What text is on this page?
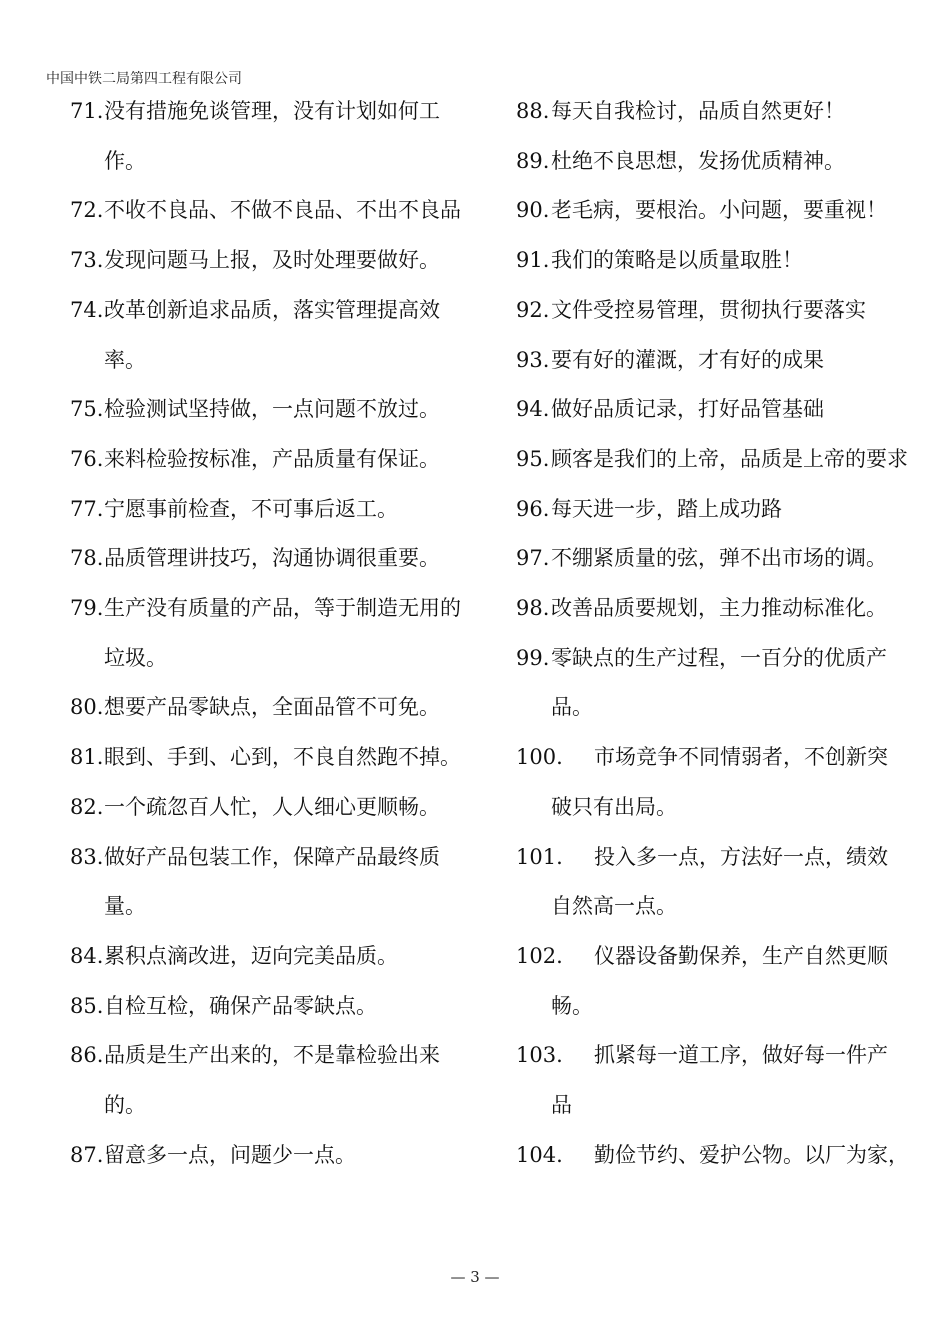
中国中铁二局第四工程有限公司
71. 没有措施免谈管理，没有计划如何工作。
72. 不收不良品、不做不良品、不出不良品
73. 发现问题马上报，及时处理要做好。
74. 改革创新追求品质，落实管理提高效率。
75. 检验测试坚持做，一点问题不放过。
76. 来料检验按标准，产品质量有保证。
77. 宁愿事前检查，不可事后返工。
78. 品质管理讲技巧，沟通协调很重要。
79. 生产没有质量的产品，等于制造无用的垃圾。
80. 想要产品零缺点，全面品管不可免。
81. 眼到、手到、心到，不良自然跑不掉。
82. 一个疏忽百人忙，人人细心更顺畅。
83. 做好产品包装工作，保障产品最终质量。
84. 累积点滴改进，迈向完美品质。
85. 自检互检，确保产品零缺点。
86. 品质是生产出来的，不是靠检验出来的。
87. 留意多一点，问题少一点。
88. 每天自我检讨，品质自然更好！
89. 杜绝不良思想，发扬优质精神。
90. 老毛病，要根治。小问题，要重视！
91. 我们的策略是以质量取胜！
92. 文件受控易管理，贯彻执行要落实
93. 要有好的灌溉，才有好的成果
94. 做好品质记录，打好品管基础
95. 顾客是我们的上帝，品质是上帝的要求
96. 每天进一步，踏上成功路
97. 不绷紧质量的弦，弹不出市场的调。
98. 改善品质要规划，主力推动标准化。
99. 零缺点的生产过程，一百分的优质产品。
100.	市场竞争不同情弱者，不创新突
破只有出局。
101.	投入多一点，方法好一点，绩效
自然高一点。
102.	仪器设备勤保养，生产自然更顺
畅。
103.	抓紧每一道工序，做好每一件产
品
104.	勤俭节约、爱护公物。以厂为家，
— 3 —
